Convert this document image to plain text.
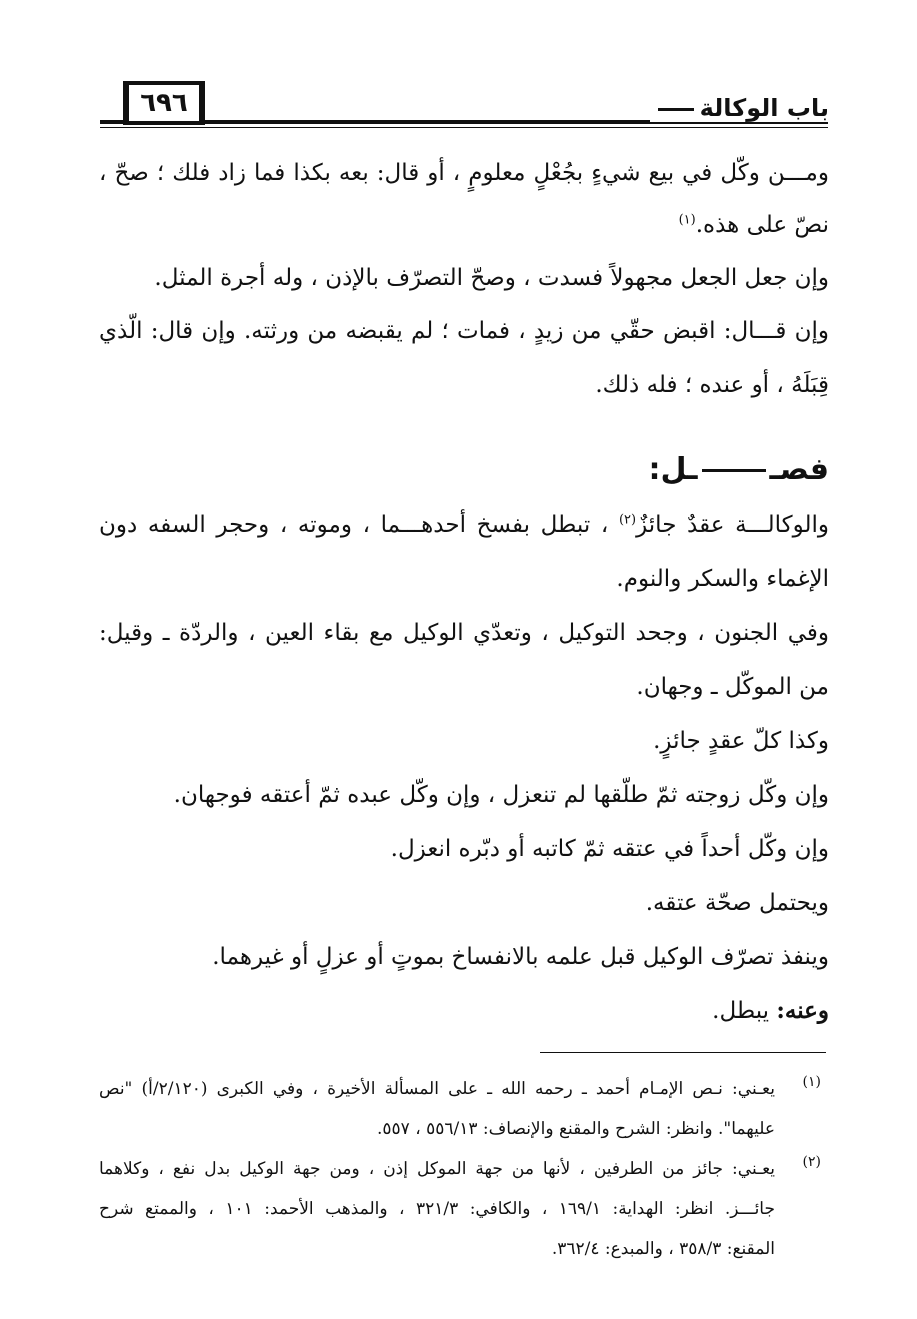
٦٩٦	باب الوكالة
ومـــن وكّل في بيع شيءٍ بجُعْلٍ معلومٍ ، أو قال: بعه بكذا فما زاد فلك ؛ صحّ ،
نصّ على هذه.$^{(١)}$
وإن جعل الجعل مجهولاً فسدت ، وصحّ التصرّف بالإذن ، وله أجرة المثل.
وإن قـــال: اقبض حقّي من زيدٍ ، فمات ؛ لم يقبضه من ورثته. وإن قال: الّذي
قِبَلَهُ ، أو عنده ؛ فله ذلك.
فصــل:
والوكالـــة عقدٌ جائزٌ$^{(٢)}$ ، تبطل بفسخ أحدهـــما ، وموته ، وحجر السفه دون
الإغماء والسكر والنوم.
وفي الجنون ، وجحد التوكيل ، وتعدّي الوكيل مع بقاء العين ، والردّة ـ وقيل:
من الموكّل ـ وجهان.
وكذا كلّ عقدٍ جائزٍ.
وإن وكّل زوجته ثمّ طلّقها لم تنعزل ، وإن وكّل عبده ثمّ أعتقه فوجهان.
وإن وكّل أحداً في عتقه ثمّ كاتبه أو دبّره انعزل.
ويحتمل صحّة عتقه.
وينفذ تصرّف الوكيل قبل علمه بالانفساخ بموتٍ أو عزلٍ أو غيرهما.
وعنه: يبطل.
(١)
يعـني: نـص الإمـام أحمد ـ رحمه الله ـ على المسألة الأخيرة ، وفي الكبرى (٢/١٢٠/أ) "نص
عليهما". وانظر: الشرح والمقنع والإنصاف: ٥٥٦/١٣ ، ٥٥٧.
(٢)
يعـني: جائز من الطرفين ، لأنها من جهة الموكل إذن ، ومن جهة الوكيل بدل نفع ، وكلاهما
جائـــز. انظر: الهداية: ١٦٩/١ ، والكافي: ٣٢١/٣ ، والمذهب الأحمد: ١٠١ ، والممتع شرح
المقنع: ٣٥٨/٣ ، والمبدع: ٣٦٢/٤.
